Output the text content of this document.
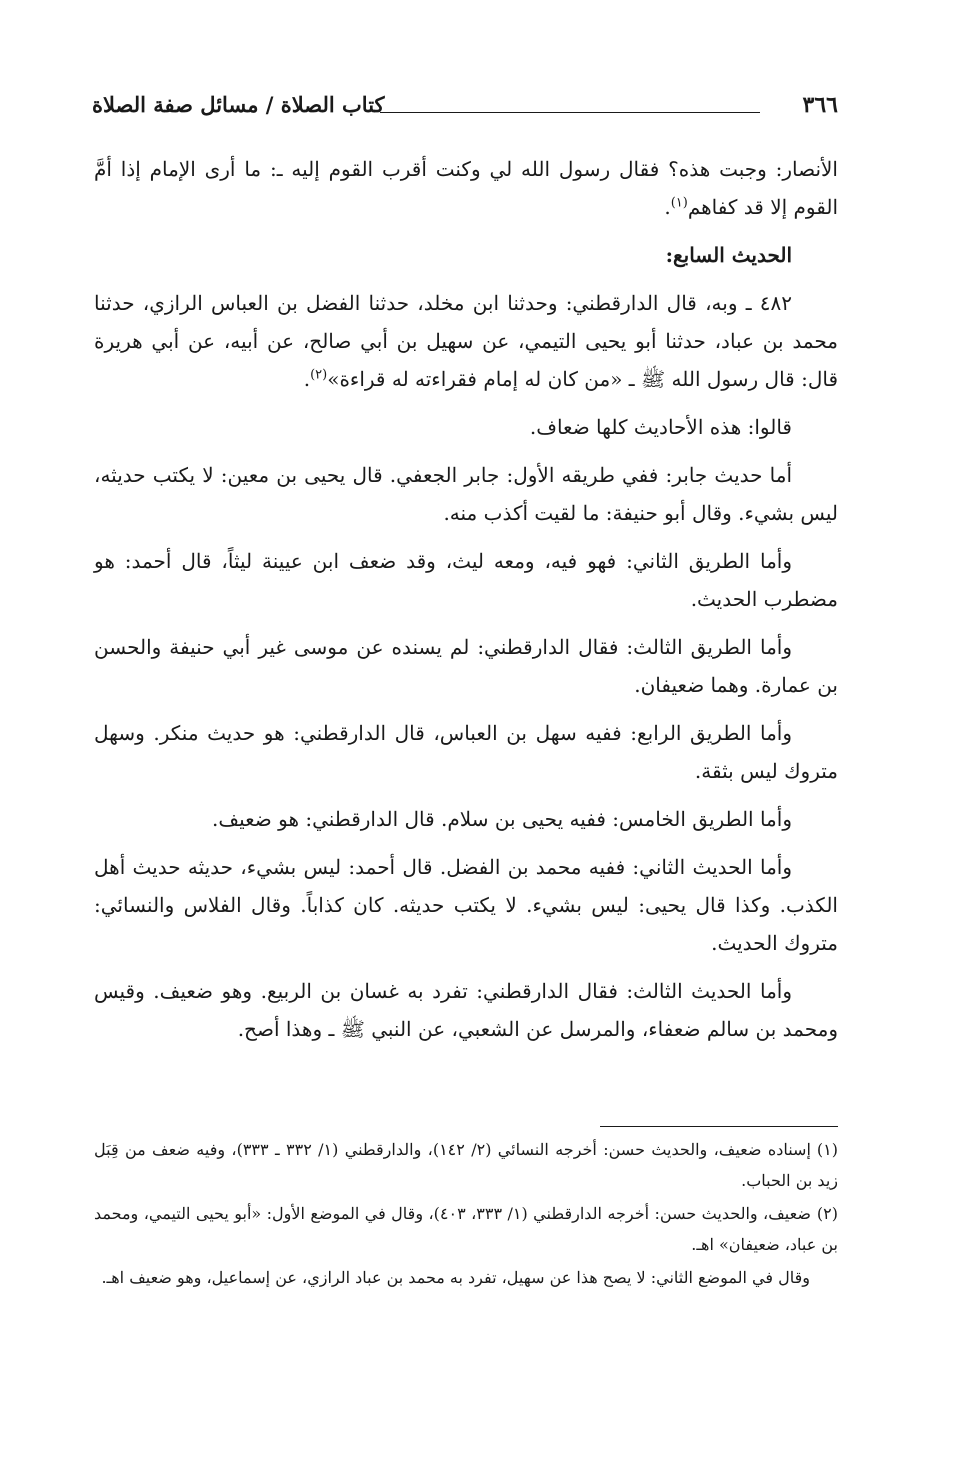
٣٦٦
كتاب الصلاة / مسائل صفة الصلاة

الأنصار: وجبت هذه؟ فقال رسول الله لي وكنت أقرب القوم إليه ـ: ما أرى الإمام إذا أمَّ القوم إلا قد كفاهم$^{(١)}$.

الحديث السابع:

٤٨٢ ـ وبه، قال الدارقطني: وحدثنا ابن مخلد، حدثنا الفضل بن العباس الرازي، حدثنا محمد بن عباد، حدثنا أبو يحيى التيمي، عن سهيل بن أبي صالح، عن أبيه، عن أبي هريرة قال: قال رسول الله ﷺ ـ «من كان له إمام فقراءته له قراءة»$^{(٢)}$.

قالوا: هذه الأحاديث كلها ضعاف.

أما حديث جابر: ففي طريقه الأول: جابر الجعفي. قال يحيى بن معين: لا يكتب حديثه، ليس بشيء. وقال أبو حنيفة: ما لقيت أكذب منه.

وأما الطريق الثاني: فهو فيه، ومعه ليث، وقد ضعف ابن عيينة ليثاً، قال أحمد: هو مضطرب الحديث.

وأما الطريق الثالث: فقال الدارقطني: لم يسنده عن موسى غير أبي حنيفة والحسن بن عمارة. وهما ضعيفان.

وأما الطريق الرابع: ففيه سهل بن العباس، قال الدارقطني: هو حديث منكر. وسهل متروك ليس بثقة.

وأما الطريق الخامس: ففيه يحيى بن سلام. قال الدارقطني: هو ضعيف.

وأما الحديث الثاني: ففيه محمد بن الفضل. قال أحمد: ليس بشيء، حديثه حديث أهل الكذب. وكذا قال يحيى: ليس بشيء. لا يكتب حديثه. كان كذاباً. وقال الفلاس والنسائي: متروك الحديث.

وأما الحديث الثالث: فقال الدارقطني: تفرد به غسان بن الربيع. وهو ضعيف. وقيس ومحمد بن سالم ضعفاء، والمرسل عن الشعبي، عن النبي ﷺ ـ وهذا أصح.

(١)إسناده ضعيف، والحديث حسن: أخرجه النسائي (٢/ ١٤٢)، والدارقطني (١/ ٣٣٢ ـ ٣٣٣)، وفيه ضعف من قِبَل زيد بن الحباب.

(٢)ضعيف، والحديث حسن: أخرجه الدارقطني (١/ ٣٣٣، ٤٠٣)، وقال في الموضع الأول: «أبو يحيى التيمي، ومحمد بن عباد، ضعيفان» اهـ.

وقال في الموضع الثاني: لا يصح هذا عن سهيل، تفرد به محمد بن عباد الرازي، عن إسماعيل، وهو ضعيف اهـ.
